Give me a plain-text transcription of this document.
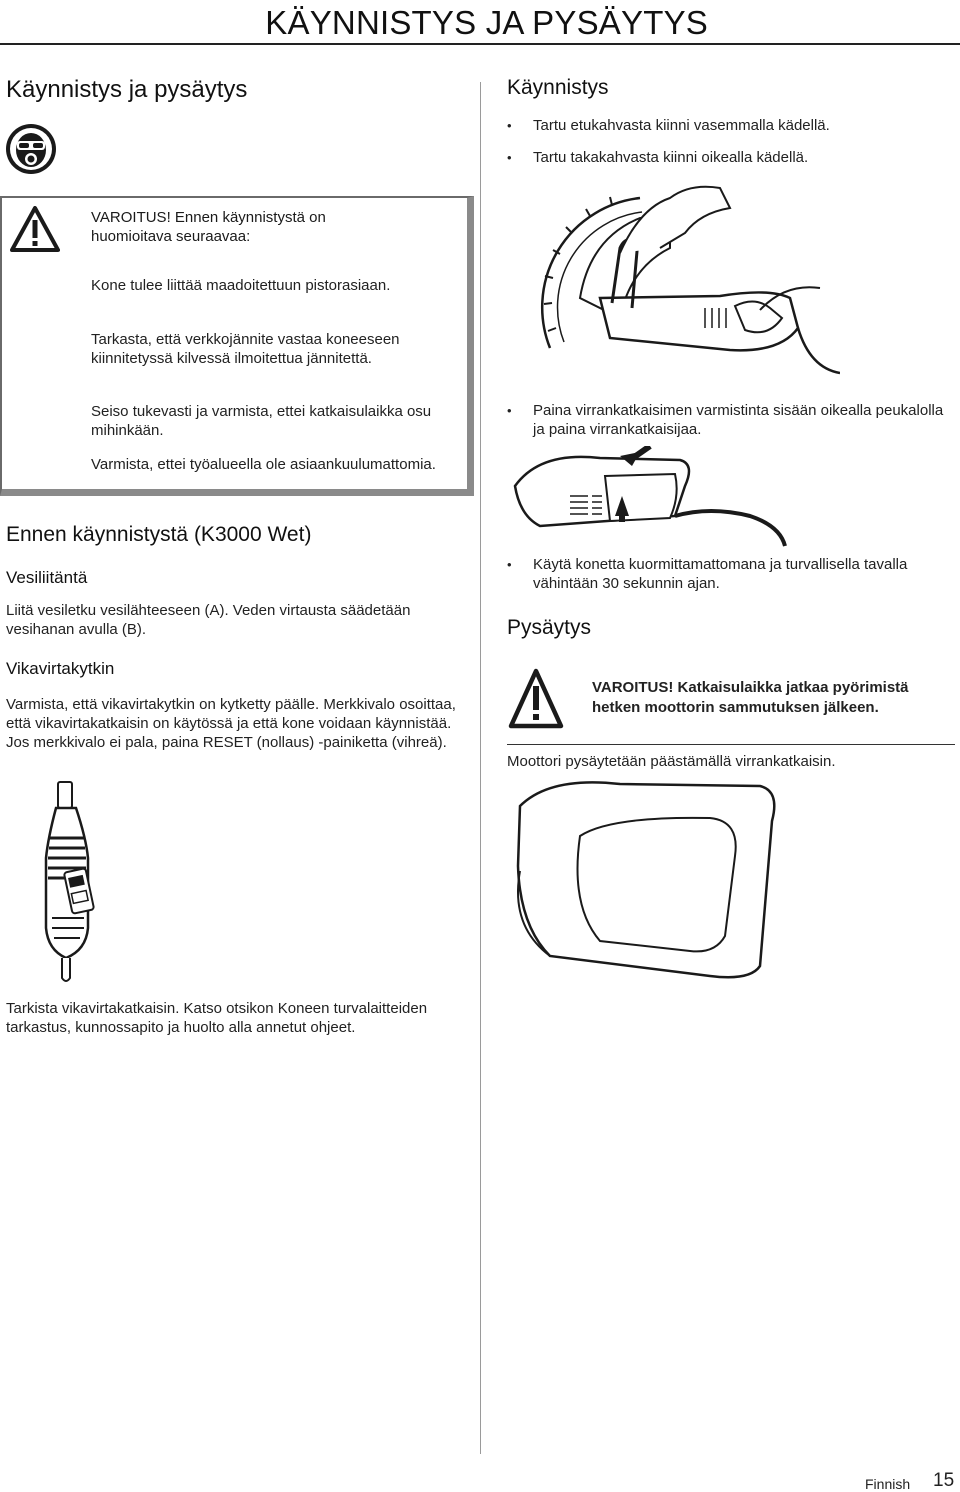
KÄYNNISTYS JA PYSÄYTYS
Käynnistys ja pysäytys
VAROITUS! Ennen käynnistystä on huomioitava seuraavaa:
Kone tulee liittää maadoitettuun pistorasiaan.
Tarkasta, että verkkojännite vastaa koneeseen kiinnitetyssä kilvessä ilmoitettua jännitettä.
Seiso tukevasti ja varmista, ettei katkaisulaikka osu mihinkään.
Varmista, ettei työalueella ole asiaankuulumattomia.
Ennen käynnistystä (K3000 Wet)
Vesiliitäntä
Liitä vesiletku vesilähteeseen (A). Veden virtausta säädetään vesihanan avulla (B).
Vikavirtakytkin
Varmista, että vikavirtakytkin on kytketty päälle. Merkkivalo osoittaa, että vikavirtakatkaisin on käytössä ja että kone voidaan käynnistää. Jos merkkivalo ei pala, paina RESET (nollaus) -painiketta (vihreä).
Tarkista vikavirtakatkaisin. Katso otsikon Koneen turvalaitteiden tarkastus, kunnossapito ja huolto alla annetut ohjeet.
Käynnistys
• Tartu etukahvasta kiinni vasemmalla kädellä.
• Tartu takakahvasta kiinni oikealla kädellä.
• Paina virrankatkaisimen varmistinta sisään oikealla peukalolla ja paina virrankatkaisijaa.
• Käytä konetta kuormittamattomana ja turvallisella tavalla vähintään 30 sekunnin ajan.
Pysäytys
VAROITUS! Katkaisulaikka jatkaa pyörimistä hetken moottorin sammutuksen jälkeen.
Moottori pysäytetään päästämällä virrankatkaisin.
Finnish 15
